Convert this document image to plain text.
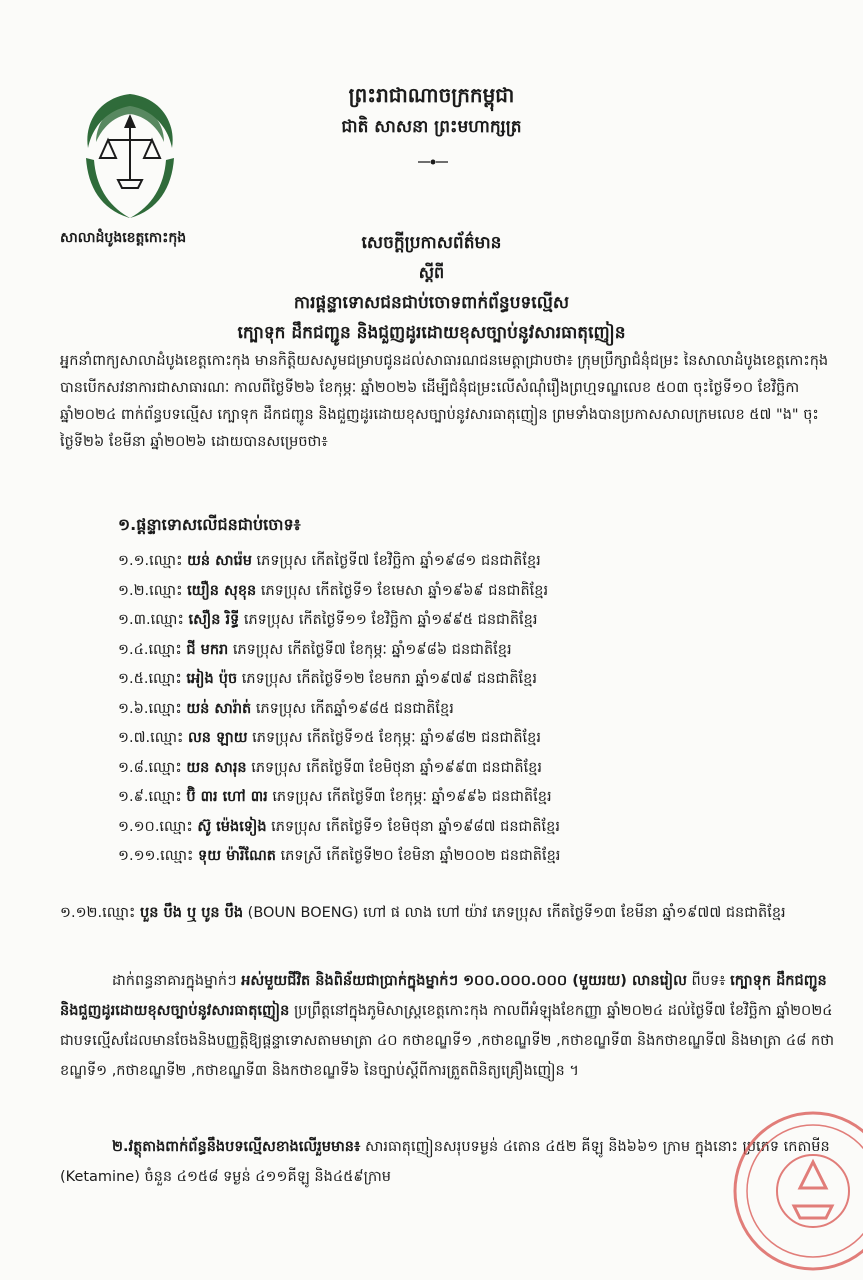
សាលាដំបូងខេត្តកោះកុង
ព្រះរាជាណាចក្រកម្ពុជា
ជាតិ សាសនា ព្រះមហាក្សត្រ
សេចក្តីប្រកាសព័ត៌មាន
ស្តីពី
ការផ្តន្ទាទោសជនជាប់ចោទពាក់ព័ន្ធបទល្មើស
ក្បោទុក ដឹកជញ្ជូន និងជួញដូរដោយខុសច្បាប់នូវសារធាតុញៀន
អ្នកនាំពាក្យសាលាដំបូងខេត្តកោះកុង មានកិត្តិយសសូមជម្រាបជូនដល់សាធារណជនមេត្តាជ្រាបថា៖ ក្រុមប្រឹក្សាជំនុំជម្រះ នៃសាលាដំបូងខេត្តកោះកុង បានបើកសវនាការជាសាធារណៈ កាលពីថ្ងៃទី២៦ ខែកុម្ភៈ ឆ្នាំ២០២៦ ដើម្បីជំនុំជម្រះលើសំណុំរឿងព្រហ្មទណ្ឌលេខ ៥០៣ ចុះថ្ងៃទី១០ ខែវិច្ឆិកា ឆ្នាំ២០២៤ ពាក់ព័ន្ធបទល្មើស ក្បោទុក ដឹកជញ្ជូន និងជួញដូរដោយខុសច្បាប់នូវសារធាតុញៀន ព្រមទាំងបានប្រកាសសាលក្រមលេខ ៥៧ "ង" ចុះថ្ងៃទី២៦ ខែមីនា ឆ្នាំ២០២៦ ដោយបានសម្រេចថា៖
១.ផ្តន្ទាទោសលើជនជាប់ចោទ៖
១.១.ឈ្មោះ យន់ សារ៉េម ភេទប្រុស កើតថ្ងៃទី៧ ខែវិច្ឆិកា ឆ្នាំ១៩៨១ ជនជាតិខ្មែរ
១.២.ឈ្មោះ យឿន សុខុន ភេទប្រុស កើតថ្ងៃទី១ ខែមេសា ឆ្នាំ១៩៦៩ ជនជាតិខ្មែរ
១.៣.ឈ្មោះ សឿន រិទ្ធី ភេទប្រុស កើតថ្ងៃទី១១ ខែវិច្ឆិកា ឆ្នាំ១៩៩៥ ជនជាតិខ្មែរ
១.៤.ឈ្មោះ ជី មករា ភេទប្រុស កើតថ្ងៃទី៧ ខែកុម្ភៈ ឆ្នាំ១៩៨៦ ជនជាតិខ្មែរ
១.៥.ឈ្មោះ អៀង ប៉ុច ភេទប្រុស កើតថ្ងៃទី១២ ខែមករា ឆ្នាំ១៩៧៩ ជនជាតិខ្មែរ
១.៦.ឈ្មោះ យន់ សារ៉ាត់ ភេទប្រុស កើតឆ្នាំ១៩៨៥ ជនជាតិខ្មែរ
១.៧.ឈ្មោះ លន ឡាយ ភេទប្រុស កើតថ្ងៃទី១៥ ខែកុម្ភៈ ឆ្នាំ១៩៨២ ជនជាតិខ្មែរ
១.៨.ឈ្មោះ យន សារុន ភេទប្រុស កើតថ្ងៃទី៣ ខែមិថុនា ឆ្នាំ១៩៩៣ ជនជាតិខ្មែរ
១.៩.ឈ្មោះ ប៊ិ ៣រ ហៅ ៣រ ភេទប្រុស កើតថ្ងៃទី៣ ខែកុម្ភៈ ឆ្នាំ១៩៩៦ ជនជាតិខ្មែរ
១.១០.ឈ្មោះ ស៊ូ ម៉េងទៀង ភេទប្រុស កើតថ្ងៃទី១ ខែមិថុនា ឆ្នាំ១៩៨៧ ជនជាតិខ្មែរ
១.១១.ឈ្មោះ ទុយ ម៉ារីណែត ភេទស្រី កើតថ្ងៃទី២០ ខែមិនា ឆ្នាំ២០០២ ជនជាតិខ្មែរ
១.១២.ឈ្មោះ បួន បឹង ឬ បូន បឹង (BOUN BOENG) ហៅ ផ លាង ហៅ យ៉ាវ ភេទប្រុស កើតថ្ងៃទី១៣ ខែមីនា ឆ្នាំ១៩៧៧ ជនជាតិខ្មែរ
ដាក់ពន្ធនាគារក្នុងម្នាក់ៗ អស់មួយជីវិត និងពិន័យជាប្រាក់ក្នុងម្នាក់ៗ ១០០.០០០.០០០ (មួយរយ) លានរៀល ពីបទ៖ ក្បោទុក ដឹកជញ្ជូន និងជួញដូរដោយខុសច្បាប់នូវសារធាតុញៀន ប្រព្រឹត្តនៅក្នុងភូមិសាស្ត្រខេត្តកោះកុង កាលពីអំឡុងខែកញ្ញា ឆ្នាំ២០២៤ ដល់ថ្ងៃទី៧ ខែវិច្ឆិកា ឆ្នាំ២០២៤ ជាបទល្មើសដែលមានចែងនិងបញ្ញត្តិឱ្យផ្តន្ទាទោសតាមមាត្រា ៤០ កថាខណ្ឌទី១ ,កថាខណ្ឌទី២ ,កថាខណ្ឌទី៣ និងកថាខណ្ឌទី៧ និងមាត្រា ៤៨ កថាខណ្ឌទី១ ,កថាខណ្ឌទី២ ,កថាខណ្ឌទី៣ និងកថាខណ្ឌទី៦ នៃច្បាប់ស្តីពីការត្រួតពិនិត្យគ្រឿងញៀន ។
២.វត្ថុតាងពាក់ព័ន្ធនឹងបទល្មើសខាងលើរួមមាន៖ សារធាតុញៀនសរុបទម្ងន់ ៤តោន ៤៥២ គីឡូ និង៦៦១ ក្រាម ក្នុងនោះ ប្រភេទ កេតាមីន (Ketamine) ចំនួន ៤១៥៨ ទម្ងន់ ៤១១គីឡូ និង៤៥៩ក្រាម
